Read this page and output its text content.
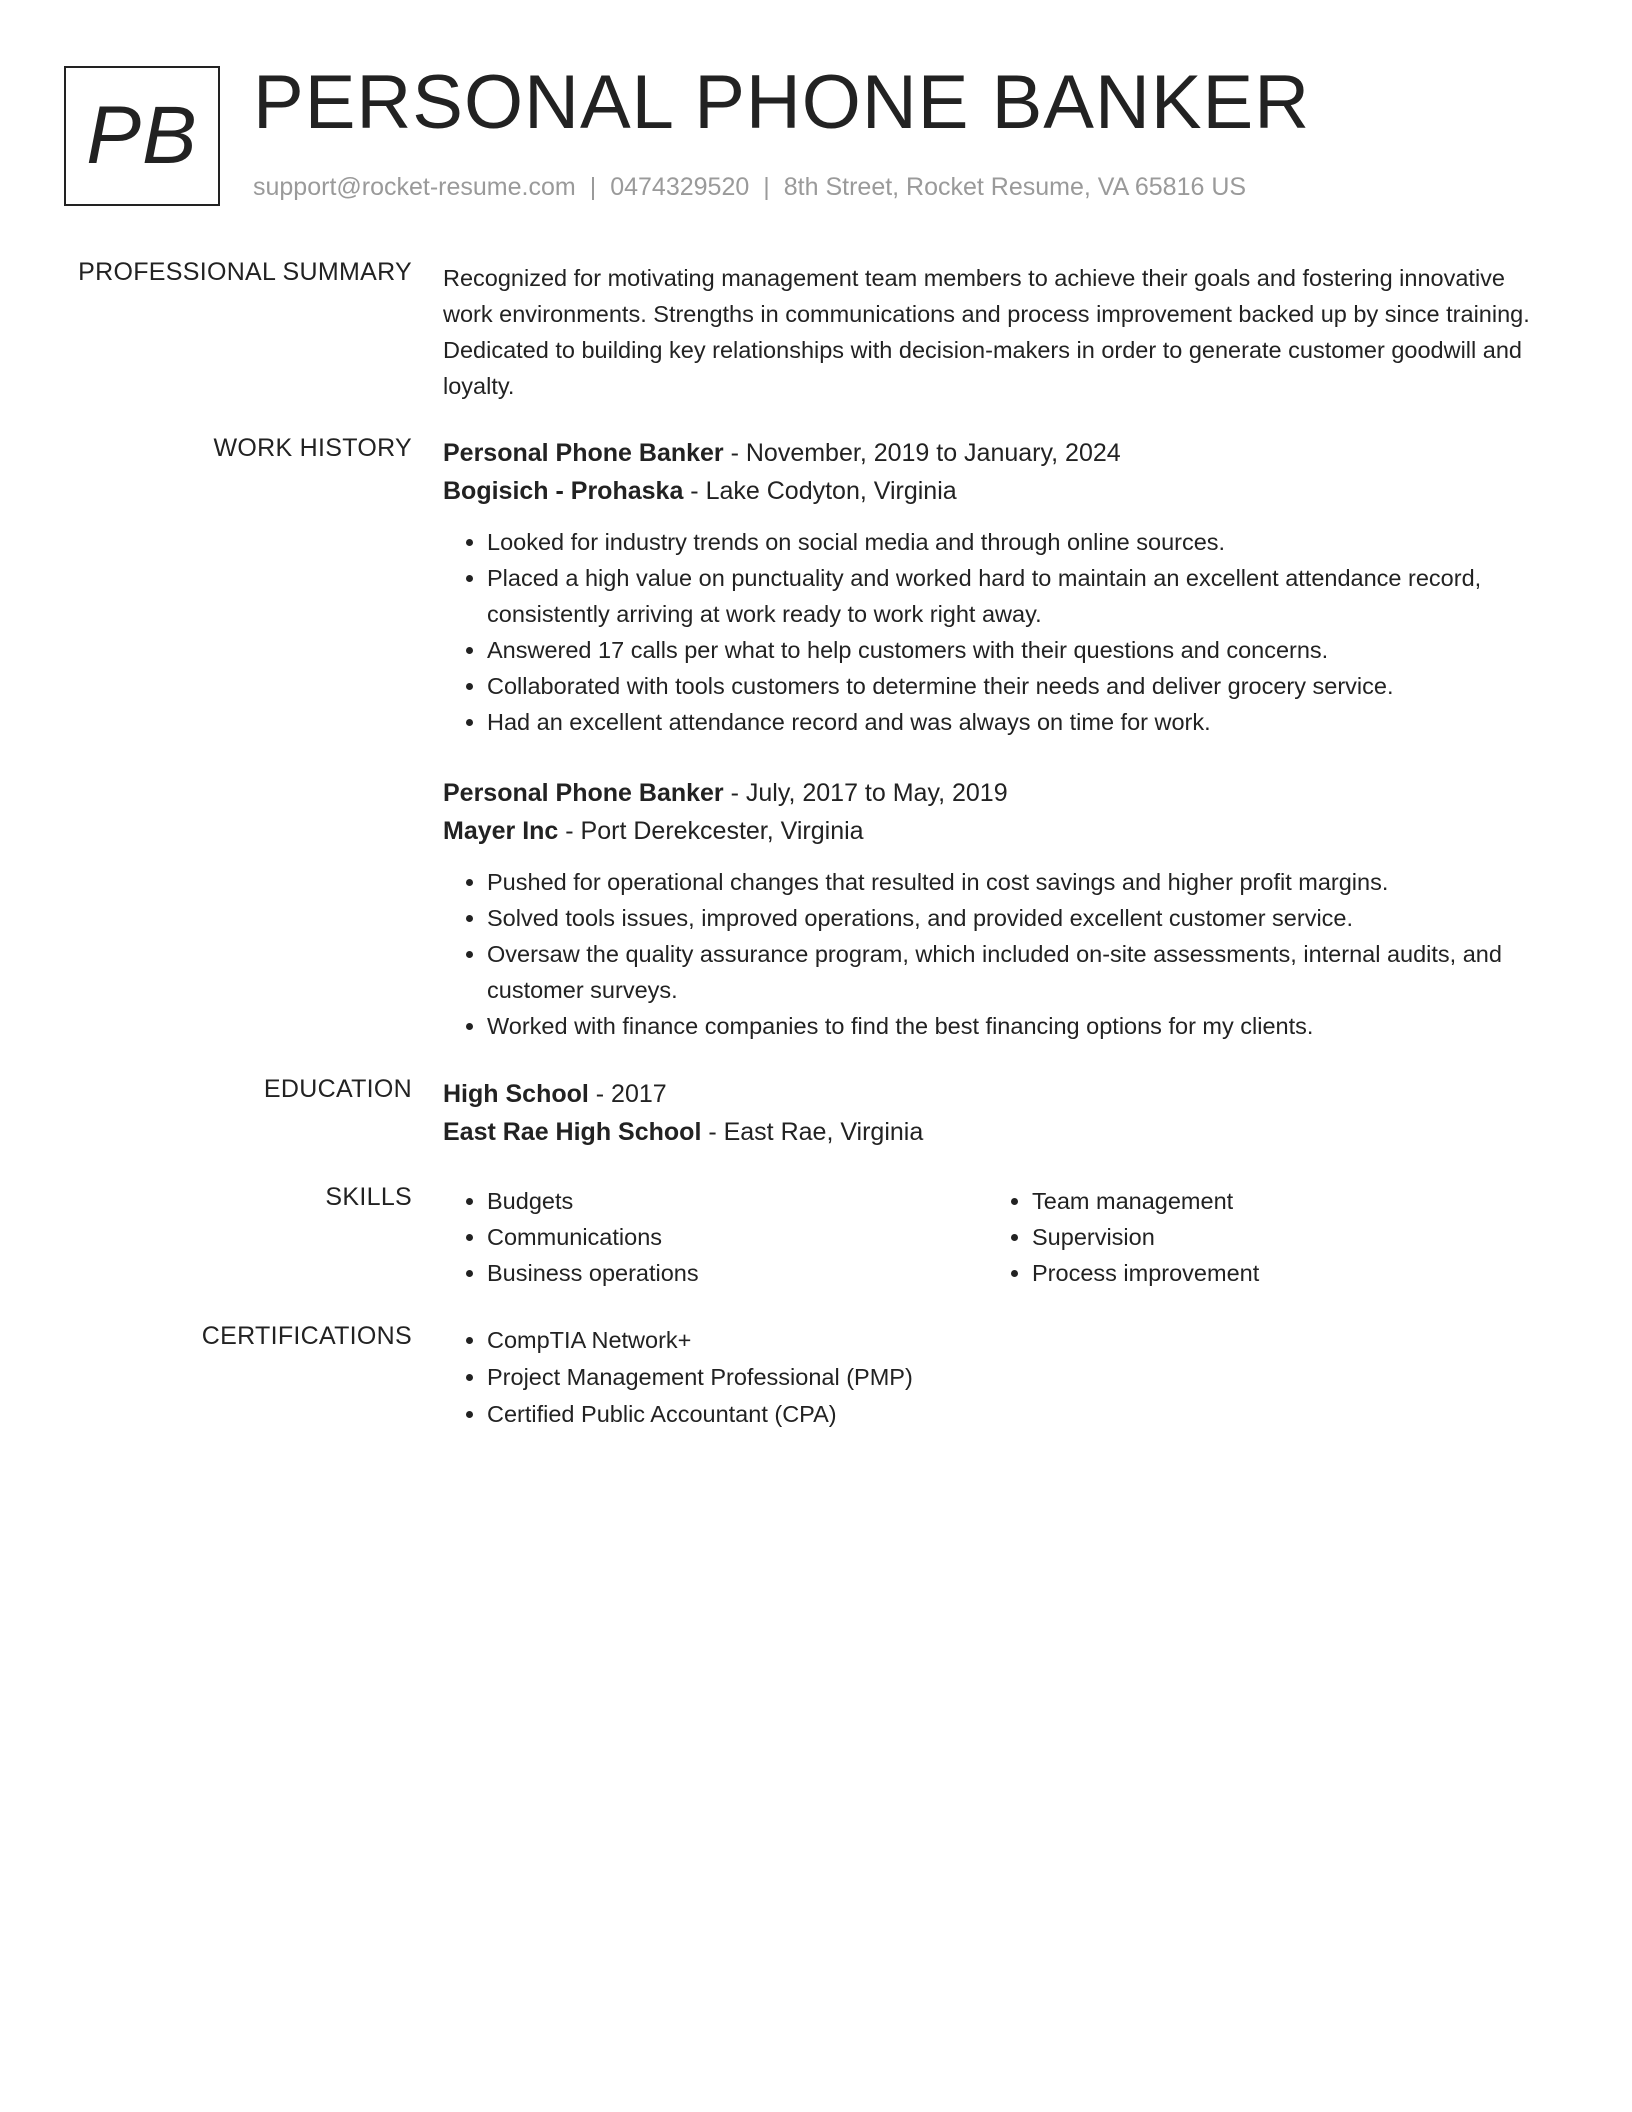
PB PERSONAL PHONE BANKER
support@rocket-resume.com | 0474329520 | 8th Street, Rocket Resume, VA 65816 US
PROFESSIONAL SUMMARY Recognized for motivating management team members to achieve their goals and fostering innovative work environments. Strengths in communications and process improvement backed up by since training. Dedicated to building key relationships with decision-makers in order to generate customer goodwill and loyalty.

WORK HISTORY Personal Phone Banker - November, 2019 to January, 2024
Bogisich - Prohaska - Lake Codyton, Virginia
• Looked for industry trends on social media and through online sources.
• Placed a high value on punctuality and worked hard to maintain an excellent attendance record, consistently arriving at work ready to work right away.
• Answered 17 calls per what to help customers with their questions and concerns.
• Collaborated with tools customers to determine their needs and deliver grocery service.
• Had an excellent attendance record and was always on time for work.
Personal Phone Banker - July, 2017 to May, 2019
Mayer Inc - Port Derekcester, Virginia
• Pushed for operational changes that resulted in cost savings and higher profit margins.
• Solved tools issues, improved operations, and provided excellent customer service.
• Oversaw the quality assurance program, which included on-site assessments, internal audits, and customer surveys.
• Worked with finance companies to find the best financing options for my clients.
EDUCATION High School - 2017
East Rae High School - East Rae, Virginia
SKILLS	• Budgets
• Communications
• Business operations
• Team management
• Supervision
• Process improvement
CERTIFICATIONS	• CompTIA Network+
• Project Management Professional (PMP)
• Certified Public Accountant (CPA)
